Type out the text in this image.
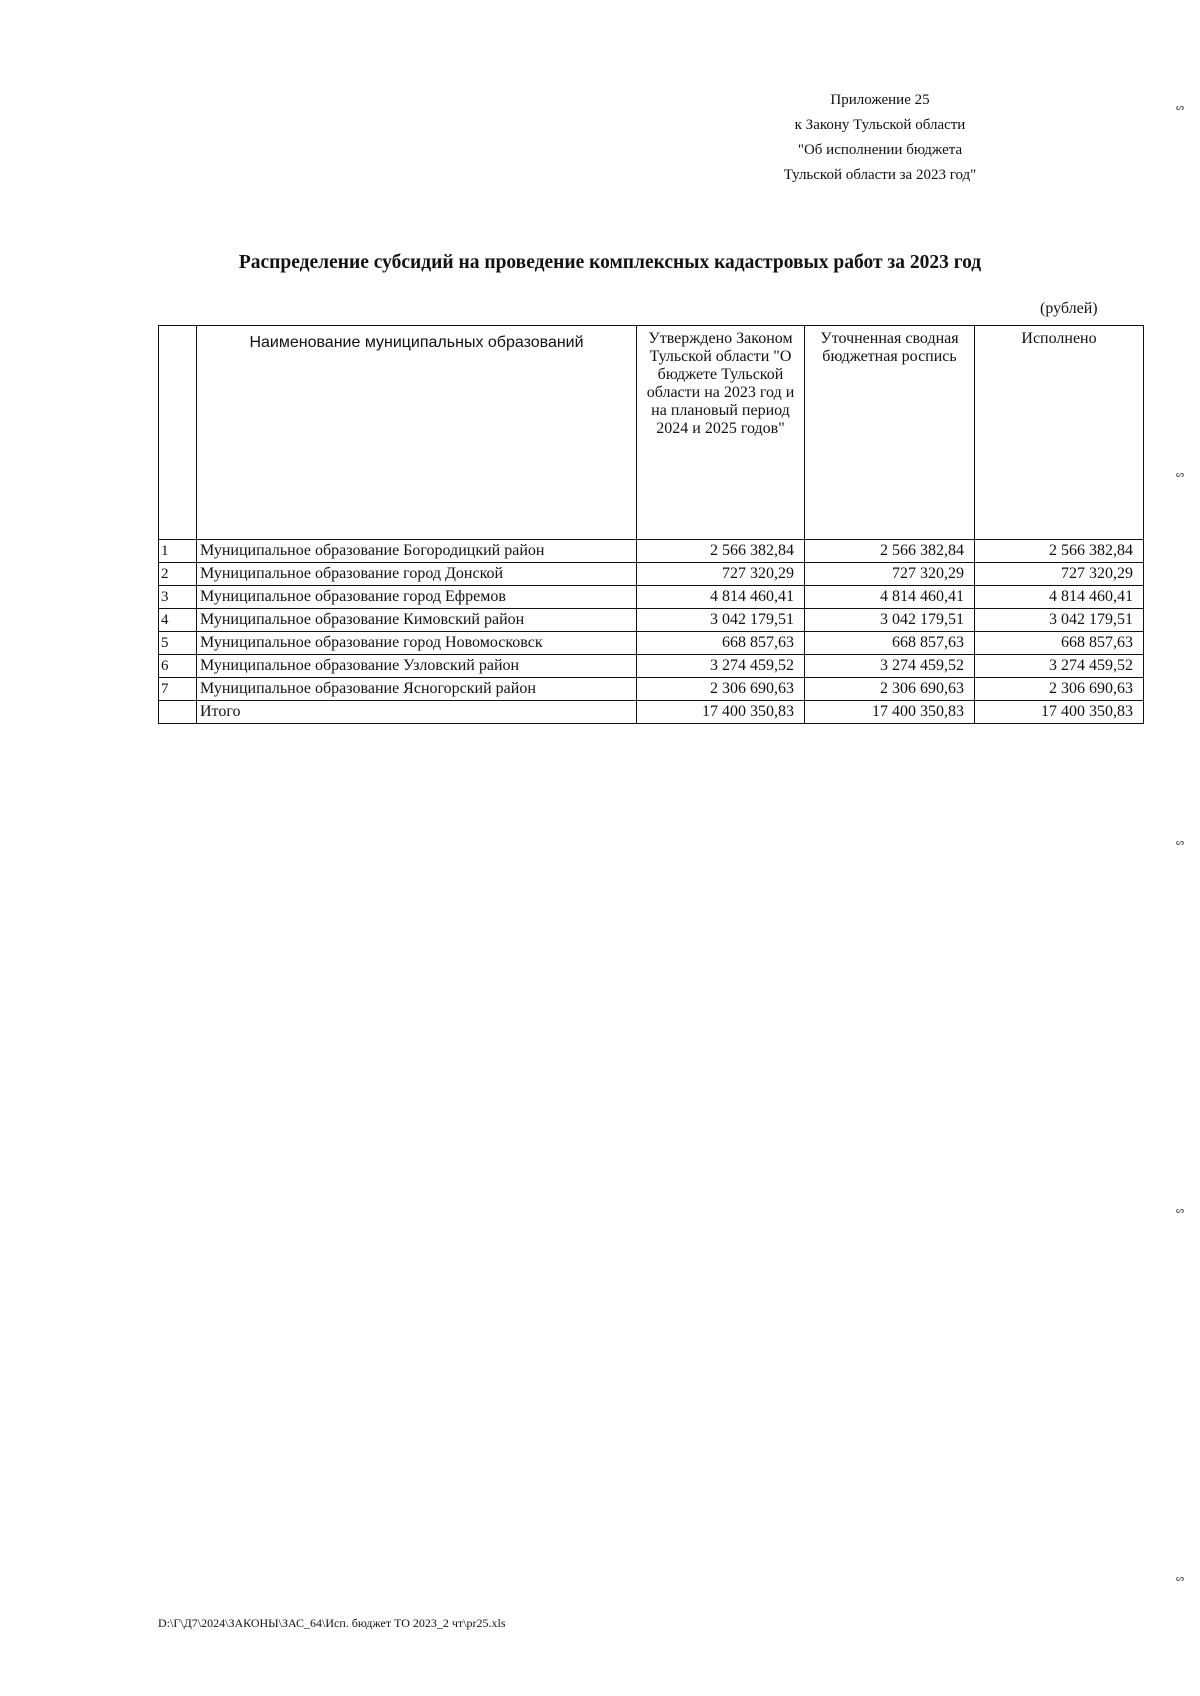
Приложение 25
к Закону Тульской области
"Об исполнении бюджета
Тульской области за 2023 год"
Распределение субсидий на проведение комплексных кадастровых работ за 2023 год
(рублей)
	Наименование муниципальных образований	Утверждено Законом Тульской области "О бюджете Тульской области на 2023 год и на плановый период 2024 и 2025 годов"	Уточненная сводная бюджетная роспись	Исполнено
1	Муниципальное образование Богородицкий район	2 566 382,84	2 566 382,84	2 566 382,84
2	Муниципальное образование город Донской	727 320,29	727 320,29	727 320,29
3	Муниципальное образование город Ефремов	4 814 460,41	4 814 460,41	4 814 460,41
4	Муниципальное образование Кимовский район	3 042 179,51	3 042 179,51	3 042 179,51
5	Муниципальное образование город Новомосковск	668 857,63	668 857,63	668 857,63
6	Муниципальное образование Узловский район	3 274 459,52	3 274 459,52	3 274 459,52
7	Муниципальное образование Ясногорский район	2 306 690,63	2 306 690,63	2 306 690,63
	Итого	17 400 350,83	17 400 350,83	17 400 350,83
D:\Г\Д7\2024\ЗАКОНЫ\ЗАС_64\Исп. бюджет ТО 2023_2 чт\pr25.xls
ᔕ
ᔕ
ᔕ
ᔕ
ᔕ
